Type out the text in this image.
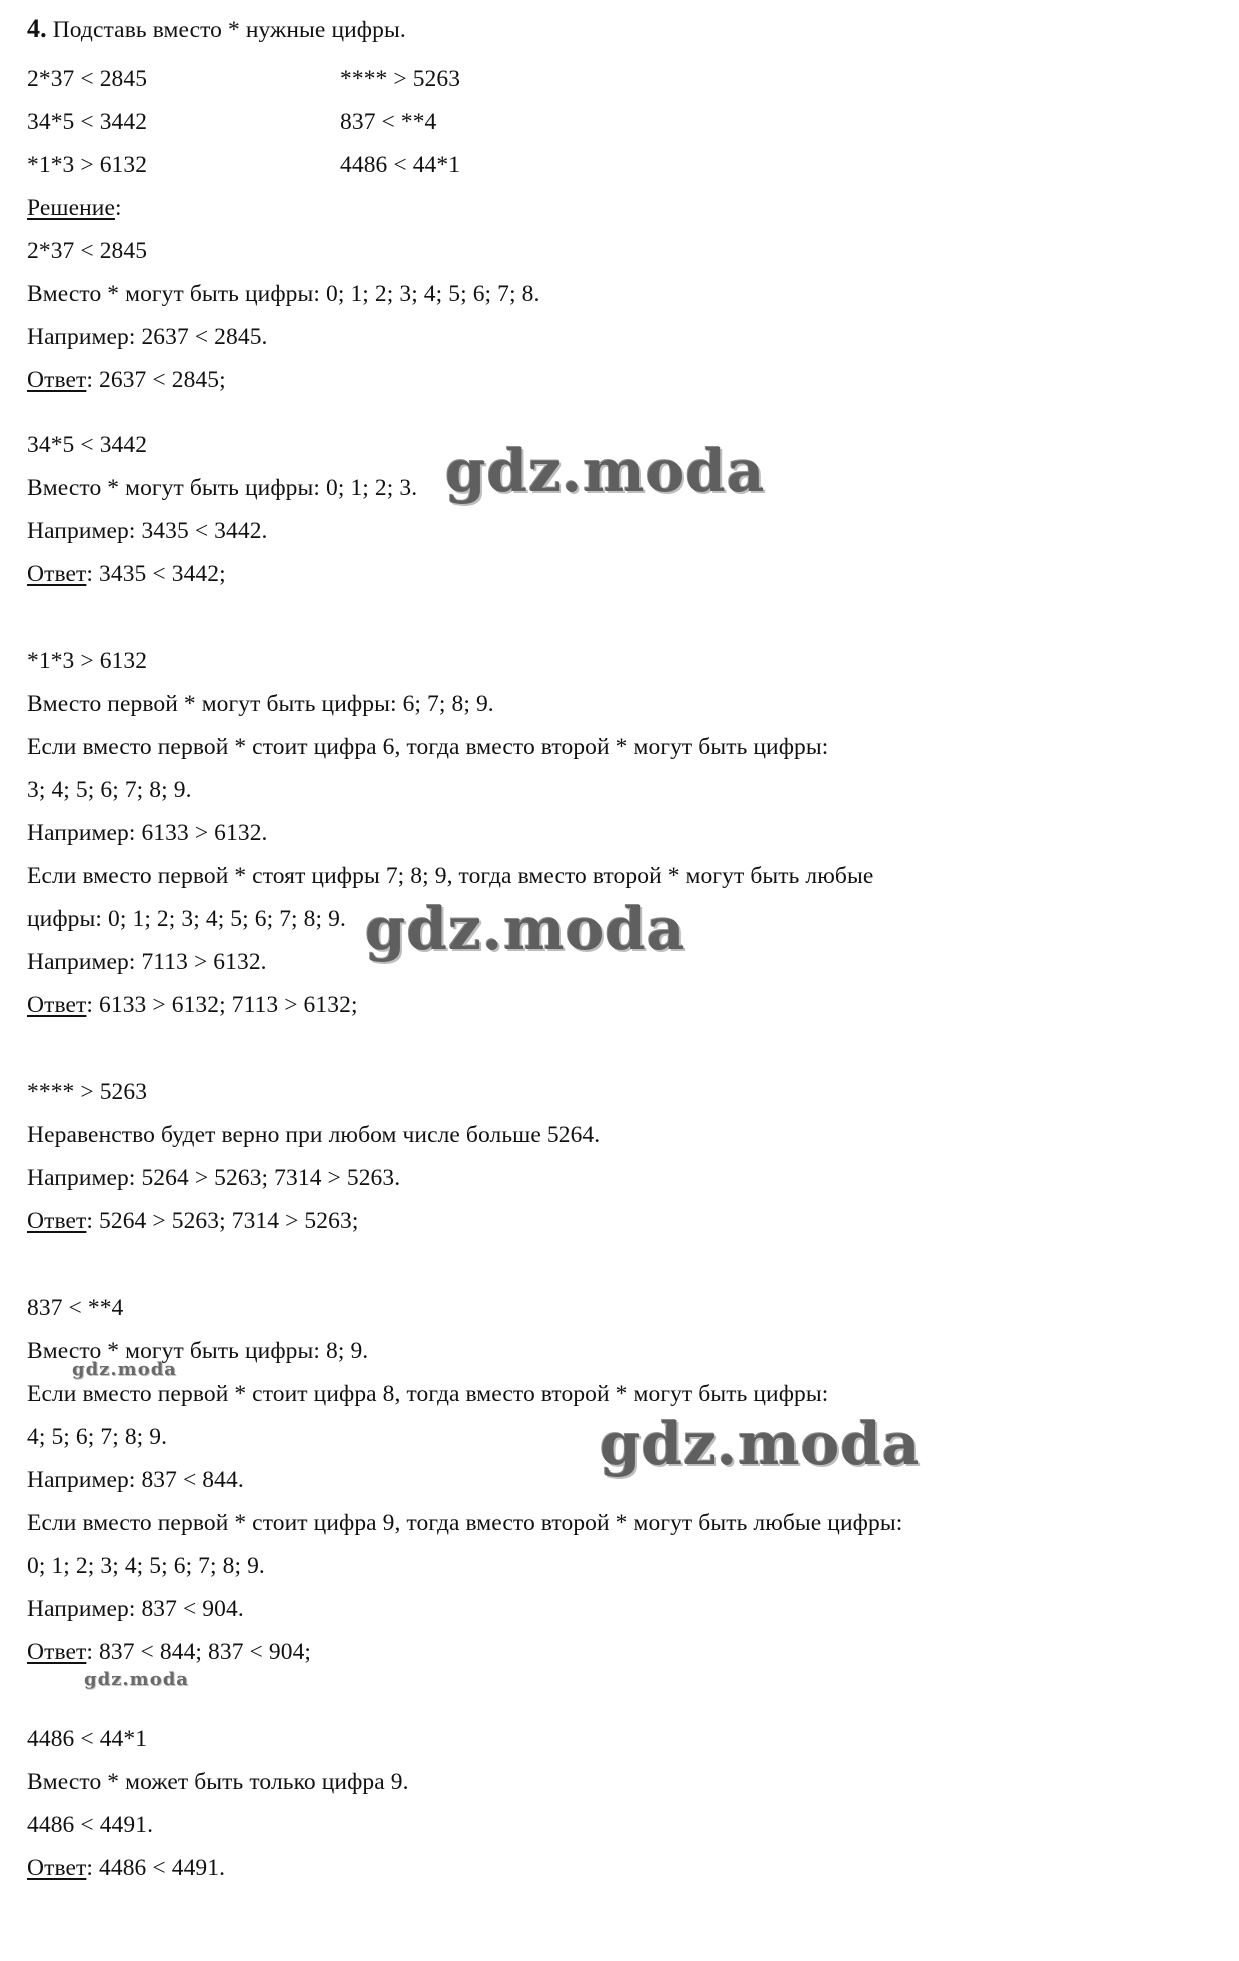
4. Подставь вместо * нужные цифры.
2*37 < 2845
34*5 < 3442
*1*3 > 6132
**** > 5263
837 < **4
4486 < 44*1
Решение:
2*37 < 2845
Вместо * могут быть цифры: 0; 1; 2; 3; 4; 5; 6; 7; 8.
Например: 2637 < 2845.
Ответ: 2637 < 2845;
34*5 < 3442
Вместо * могут быть цифры: 0; 1; 2; 3.
Например: 3435 < 3442.
Ответ: 3435 < 3442;
*1*3 > 6132
Вместо первой * могут быть цифры: 6; 7; 8; 9.
Если вместо первой * стоит цифра 6, тогда вместо второй * могут быть цифры:
3; 4; 5; 6; 7; 8; 9.
Например: 6133 > 6132.
Если вместо первой * стоят цифры 7; 8; 9, тогда вместо второй * могут быть любые
цифры: 0; 1; 2; 3; 4; 5; 6; 7; 8; 9.
Например: 7113 > 6132.
Ответ: 6133 > 6132; 7113 > 6132;
**** > 5263
Неравенство будет верно при любом числе больше 5264.
Например: 5264 > 5263; 7314 > 5263.
Ответ: 5264 > 5263; 7314 > 5263;
837 < **4
Вместо * могут быть цифры: 8; 9.
Если вместо первой * стоит цифра 8, тогда вместо второй * могут быть цифры:
4; 5; 6; 7; 8; 9.
Например: 837 < 844.
Если вместо первой * стоит цифра 9, тогда вместо второй * могут быть любые цифры:
0; 1; 2; 3; 4; 5; 6; 7; 8; 9.
Например: 837 < 904.
Ответ: 837 < 844; 837 < 904;
4486 < 44*1
Вместо * может быть только цифра 9.
4486 < 4491.
Ответ: 4486 < 4491.
gdz.moda
gdz.moda
gdz.moda
gdz.moda
gdz.moda
